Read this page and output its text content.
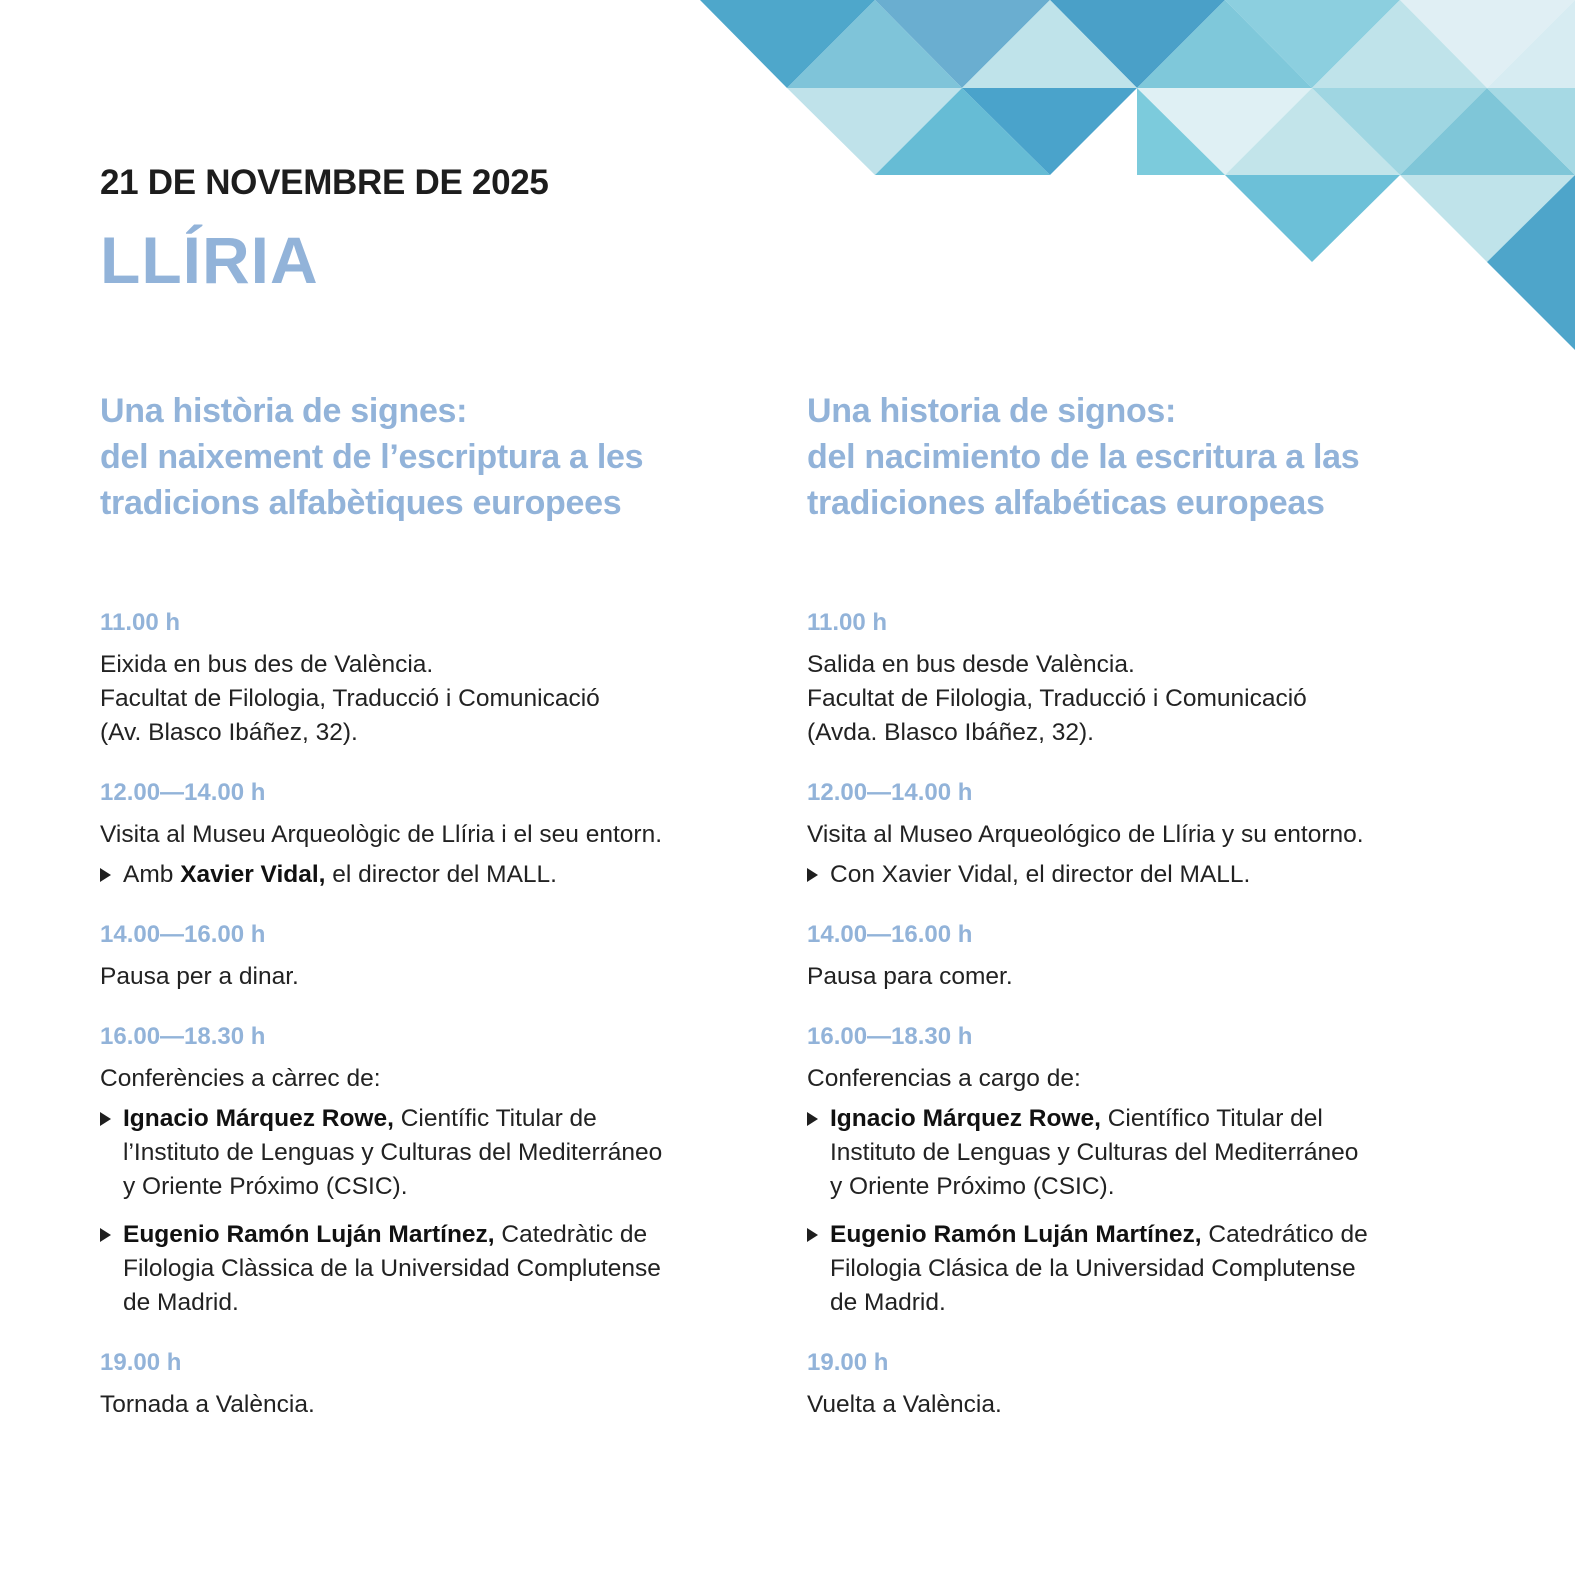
21 DE NOVEMBRE DE 2025
LLÍRIA
Una història de signes:
del naixement de l’escriptura a les
tradicions alfabètiques europees
11.00 h
Eixida en bus des de València.
Facultat de Filologia, Traducció i Comunicació
(Av. Blasco Ibáñez, 32).
12.00—14.00 h
Visita al Museu Arqueològic de Llíria i el seu entorn.
Amb Xavier Vidal, el director del MALL.
14.00—16.00 h
Pausa per a dinar.
16.00—18.30 h
Conferències a càrrec de:
Ignacio Márquez Rowe, Científic Titular de
l’Instituto de Lenguas y Culturas del Mediterráneo
y Oriente Próximo (CSIC).
Eugenio Ramón Luján Martínez, Catedràtic de
Filologia Clàssica de la Universidad Complutense
de Madrid.
19.00 h
Tornada a València.
Una historia de signos:
del nacimiento de la escritura a las
tradiciones alfabéticas europeas
11.00 h
Salida en bus desde València.
Facultat de Filologia, Traducció i Comunicació
(Avda. Blasco Ibáñez, 32).
12.00—14.00 h
Visita al Museo Arqueológico de Llíria y su entorno.
Con Xavier Vidal, el director del MALL.
14.00—16.00 h
Pausa para comer.
16.00—18.30 h
Conferencias a cargo de:
Ignacio Márquez Rowe, Científico Titular del
Instituto de Lenguas y Culturas del Mediterráneo
y Oriente Próximo (CSIC).
Eugenio Ramón Luján Martínez, Catedrático de
Filologia Clásica de la Universidad Complutense
de Madrid.
19.00 h
Vuelta a València.
